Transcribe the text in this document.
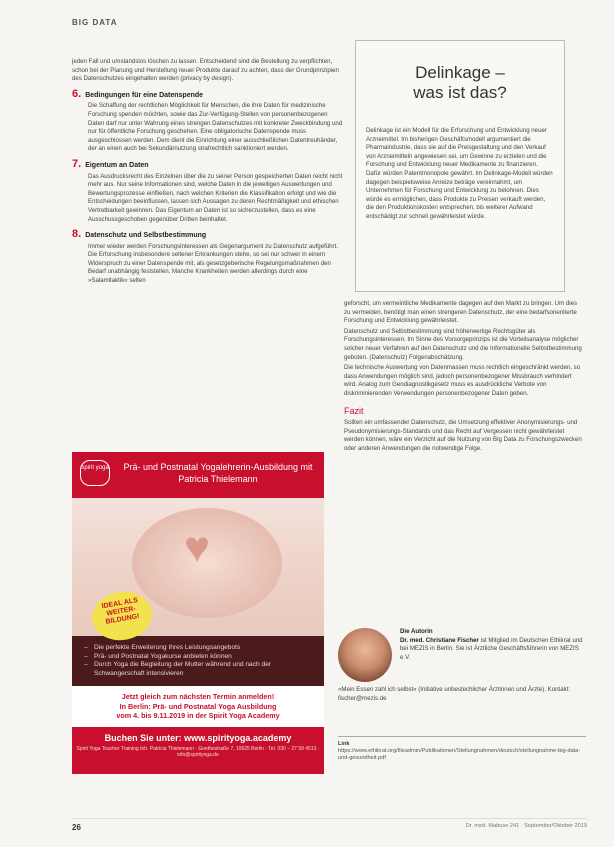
BIG DATA

jeden Fall und umstandslos löschen zu lassen. Entscheidend sind die Bestellung zu verpflichten, schon bei der Planung und Herstellung neuer Produkte darauf zu achten, dass der Grundprinzipien des Datenschutzes eingehalten werden (privacy by design).

6. Bedingungen für eine Datenspende

Die Schaffung der rechtlichen Möglichkeit für Menschen, die ihre Daten für medizinische Forschung spenden möchten, sowie das Zur-Verfügung-Stellen von personenbezogenen Daten darf nur unter Wahrung eines strengen Datenschutzes mit konkreter Zweckbindung und nur für öffentliche Forschung geschehen. Eine obligatorische Datenspende muss ausgeschlossen werden. Dem dient die Einrichtung einer ausschließlichen Datentreuhänder, der an einen auch bei Sekundärnutzung strafrechtlich sanktioniert werden.

7. Eigentum an Daten

Das Ausdrucksrecht des Einzelnen über die zu seiner Person gespeicherten Daten reicht nicht mehr aus. Nur seine Informationen sind, welche Daten in die jeweiligen Auswertungen und Bewertungsprozesse einfließen, nach welchen Kriterien die Klassifikation erfolgt und wie die Entscheidungen beeinflussen, lassen sich Aussagen zu deren Rechtmäßigkeit und ethischen Vertretbarkeit gewinnen. Das Eigentum an Daten ist so sicherzustellen, dass es eine Ausschussgeschoben gegenüber Dritten beinhaltet.

8. Datenschutz und Selbstbestimmung

Immer wieder werden Forschungsinteressen als Gegenargument zu Datenschutz aufgeführt. Die Erforschung insbesondere seltener Erkrankungen stehe, so sei nur schwer in einem Widerspruch zu einer Datenspende mit, als gesetzgeberische Regelungsmaßnahmen den Bedarf unabhängig feststellen. Manche Krankheiten werden allerdings durch eine »Salamitaktik« selten

Delinkage –
was ist das?
Delinkage ist ein Modell für die Erforschung und Entwicklung neuer Arzneimittel. Im bisherigen Geschäftsmodell argumentiert die Pharmaindustrie, dass sie auf die Preisgestaltung und den Verkauf von Arzneimitteln angewiesen sei, um Gewinne zu erzielen und die Forschung und Entwicklung neuer Medikamente zu finanzieren. Dafür würden Patentmonopole gewährt. Im Delinkage-Modell würden dagegen beispielsweise Anreize beträge vereinnahmt, um Unternehmen für Forschung und Entwicklung zu belohnen. Dies würde es ermöglichen, dass Produkte zu Preisen verkauft werden, die den Produktionskosten entsprechen, bis weiterer Aufwand entschädigt zur schnell gewährleistet würde.

geforscht, um vermeintliche Medikamente dagegen auf den Markt zu bringen. Um dies zu vermeiden, benötigt man einen strengeren Datenschutz, der eine bedarfsorientierte Forschung und Entwicklung gewährleistet.

Datenschutz und Selbstbestimmung sind höherwertige Rechtsgüter als Forschungsinteressen. Im Sinne des Vorsorgeprinzips ist die Vorteilsanalyse möglicher solcher neuer Verfahren auf den Datenschutz und die Informationelle Selbstbestimmung geboten. (Datenschutz) Folgenabschätzung.

Die technische Auswertung von Datenmassen muss rechtlich eingeschränkt werden, so dass Anwendungen möglich sind, jedoch personenbezogener Missbrauch verhindert wird. Analog zum Gendiagnostikgesetz muss es ausdrückliche Verbote von diskriminierenden Verwendungen personenbezogener Daten geben.

Fazit

Sollten ein umfassender Datenschutz, die Umsetzung effektiver Anonymisierungs- und Pseudonymisierungs-Standards und das Recht auf Vergessen nicht gewährleistet werden können, wäre ein Verzicht auf die Nutzung von Big Data zu Forschungszwecken oder anderen Anwendungen die notwendige Folge.

spirit yoga	Prä- und Postnatal Yogalehrerin-Ausbildung mit Patricia Thielemann
♥
IDEAL ALS WEITER-BILDUNG!
– Die perfekte Erweiterung Ihres Leistungsangebots
– Prä- und Postnatal Yogakurse anbieten können
– Durch Yoga die Begleitung der Mutter während und nach der Schwangerschaft intensivieren
Jetzt gleich zum nächsten Termin anmelden!
In Berlin: Prä- und Postnatal Yoga Ausbildung
vom 4. bis 9.11.2019 in der Spirit Yoga Academy
Buchen Sie unter: www.spirityoga.academy
Spirit Yoga Teacher Training Inh. Patricia Thielemann · Goethestraße 7, 10625 Berlin · Tel. 030 – 27 59 4513 · info@spirityoga.de
Die Autorin
Dr. med. Christiane Fischer ist Mitglied im Deutschen Ethikrat und bei MEZIS in Berlin. Sie ist Ärztliche Geschäftsführerin von MEZIS e.V.
»Mein Essen zahl ich selbst« (Initiative unbestechlicher Ärztinnen und Ärzte). Kontakt: fischer@mezis.de
Link
https://www.ethikrat.org/fileadmin/Publikationen/Stellungnahmen/deutsch/stellungnahme-big-data-und-gesundheit.pdf
26	Dr. med. Mabuse 241 · September/Oktober 2019
